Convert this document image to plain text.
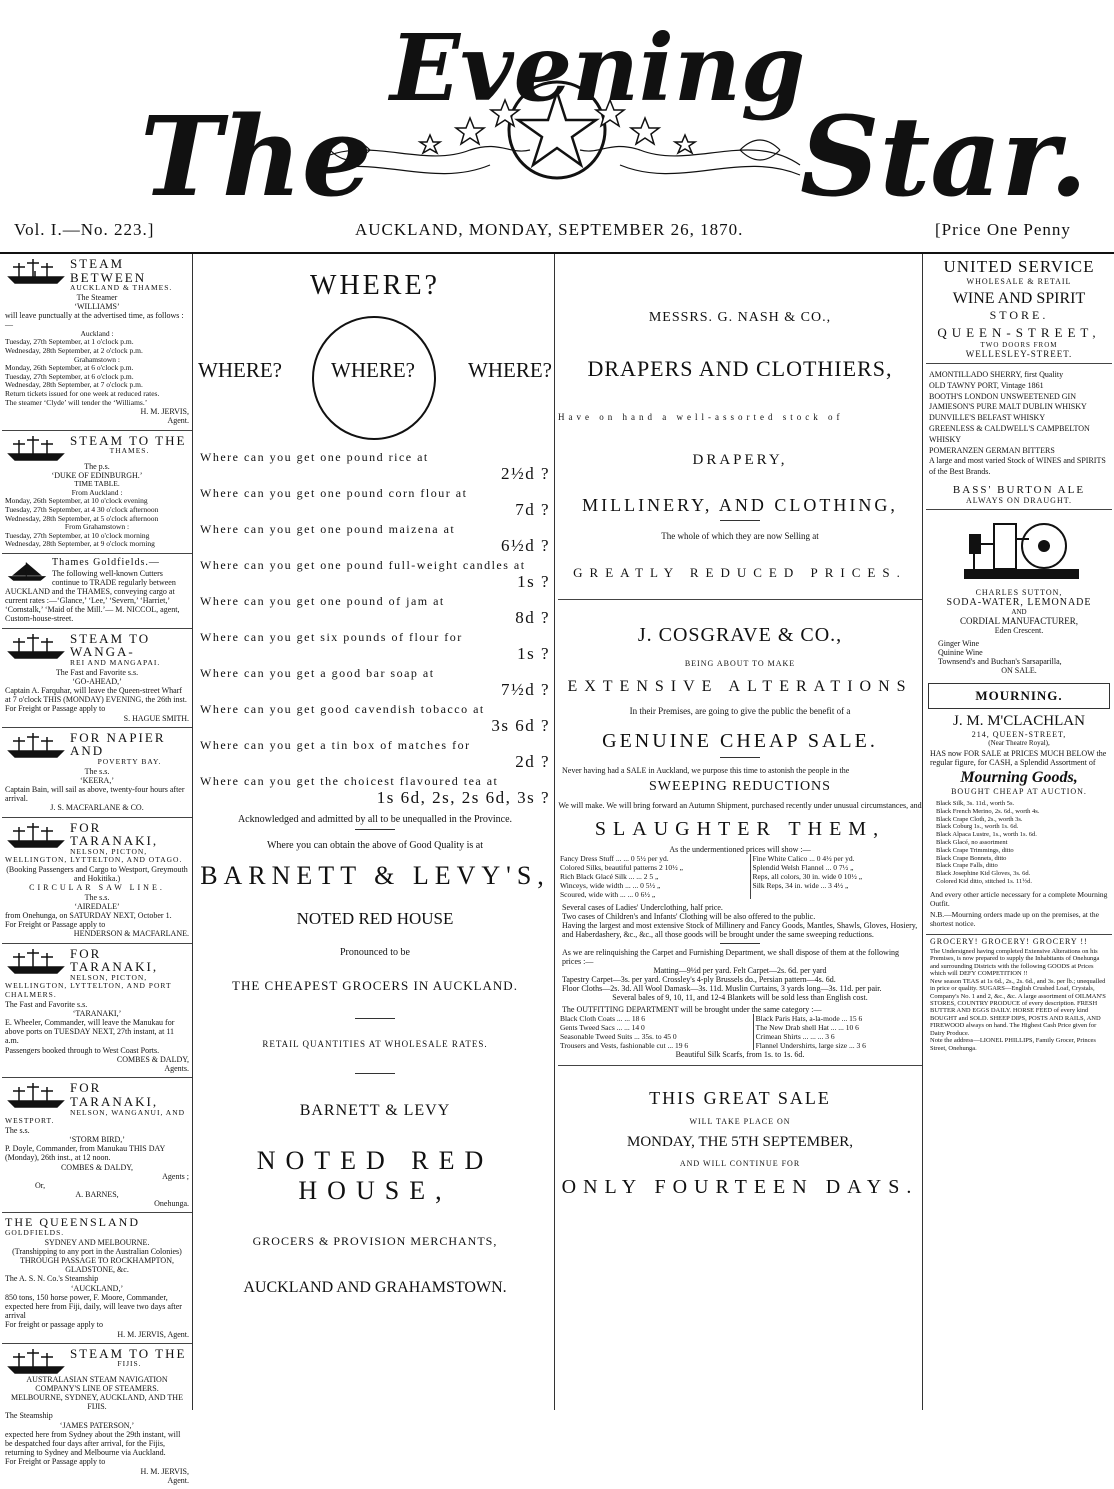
The
Evening
Star.
Vol. I.—No. 223.]	AUCKLAND, MONDAY, SEPTEMBER 26, 1870.	[Price One Penny
STEAM BETWEEN
AUCKLAND & THAMES.
The Steamer
‘WILLIAMS’
will leave punctually at the advertised time, as follows :—
Auckland :
Tuesday, 27th September, at 1 o'clock p.m.
Wednesday, 28th September, at 2 o'clock p.m.
Grahamstown :
Monday, 26th September, at 6 o'clock p.m.
Tuesday, 27th September, at 6 o'clock p.m.
Wednesday, 28th September, at 7 o'clock p.m.
Return tickets issued for one week at reduced rates.
The steamer ‘Clyde’ will tender the ‘Williams.’
H. M. JERVIS,
Agent.
STEAM TO THE
THAMES.
The p.s.
‘DUKE OF EDINBURGH.’
TIME TABLE.
From Auckland :
Monday, 26th September, at 10 o'clock evening
Tuesday, 27th September, at 4 30 o'clock afternoon
Wednesday, 28th September, at 5 o'clock afternoon
From Grahamstown :
Tuesday, 27th September, at 10 o'clock morning
Wednesday, 28th September, at 9 o'clock morning
Thames Goldfields.—
The following well-known Cutters continue to TRADE regularly between AUCKLAND and the THAMES, conveying cargo at current rates :—‘Glance,’ ‘Lee,’ ‘Severn,’ ‘Harriet,’ ‘Cornstalk,’ ‘Maid of the Mill.’— M. NICCOL, agent, Custom-house-street.
STEAM TO WANGA-
REI AND MANGAPAI.
The Fast and Favorite s.s.
‘GO-AHEAD,’
Captain A. Farquhar, will leave the Queen-street Wharf at 7 o'clock THIS (MONDAY) EVENING, the 26th inst.
For Freight or Passage apply to
S. HAGUE SMITH.
FOR NAPIER AND
POVERTY BAY.
The s.s.
‘KEERA,’
Captain Bain, will sail as above, twenty-four hours after arrival.
J. S. MACFARLANE & CO.
FOR TARANAKI,
NELSON, PICTON, WELLINGTON, LYTTELTON, AND OTAGO.
(Booking Passengers and Cargo to Westport, Greymouth and Hokitika.)
CIRCULAR SAW LINE.
The s.s.
‘AIREDALE’
from Onehunga, on SATURDAY NEXT, October 1.
For Freight or Passage apply to
HENDERSON & MACFARLANE.
FOR TARANAKI,
NELSON, PICTON, WELLINGTON, LYTTELTON, AND PORT CHALMERS.
The Fast and Favorite s.s.
‘TARANAKI,’
E. Wheeler, Commander, will leave the Manukau for above ports on TUESDAY NEXT, 27th instant, at 11 a.m.
Passengers booked through to West Coast Ports.
COMBES & DALDY,
Agents.
FOR TARANAKI,
NELSON, WANGANUI, AND WESTPORT.
The s.s.
‘STORM BIRD,’
P. Doyle, Commander, from Manukau THIS DAY (Monday), 26th inst., at 12 noon.
COMBES & DALDY,
Agents ;
Or,
A. BARNES,
Onehunga.
THE QUEENSLAND
GOLDFIELDS.
SYDNEY AND MELBOURNE.
(Transhipping to any port in the Australian Colonies)
THROUGH PASSAGE TO ROCKHAMPTON, GLADSTONE, &c.
The A. S. N. Co.'s Steamship
‘AUCKLAND,’
850 tons, 150 horse power, F. Moore, Commander, expected here from Fiji, daily, will leave two days after arrival
For freight or passage apply to
H. M. JERVIS, Agent.
STEAM TO THE
FIJIS.
AUSTRALASIAN STEAM NAVIGATION COMPANY'S LINE OF STEAMERS.
MELBOURNE, SYDNEY, AUCKLAND, AND THE FIJIS.
The Steamship
‘JAMES PATERSON,’
expected here from Sydney about the 29th instant, will be despatched four days after arrival, for the Fijis, returning to Sydney and Melbourne via Auckland.
For Freight or Passage apply to
H. M. JERVIS,
Agent.
WHERE?
WHERE? WHERE?	WHERE?
Where can you get one pound rice at
2½d ?
Where can you get one pound corn flour at
7d ?
Where can you get one pound maizena at
6½d ?
Where can you get one pound full-weight candles at
1s ?
Where can you get one pound of jam at
8d ?
Where can you get six pounds of flour for
1s ?
Where can you get a good bar soap at
7½d ?
Where can you get good cavendish tobacco at
3s 6d ?
Where can you get a tin box of matches for
2d ?
Where can you get the choicest flavoured tea at
1s 6d, 2s, 2s 6d, 3s ?
Acknowledged and admitted by all to be unequalled in the Province.
Where you can obtain the above of Good Quality is at
BARNETT & LEVY'S,
NOTED RED HOUSE
Pronounced to be
THE CHEAPEST GROCERS IN AUCKLAND.
RETAIL QUANTITIES AT WHOLESALE RATES.
BARNETT & LEVY
NOTED RED HOUSE,
GROCERS & PROVISION MERCHANTS,
AUCKLAND AND GRAHAMSTOWN.

MESSRS. G. NASH & CO.,

DRAPERS AND CLOTHIERS,

Have on hand a well-assorted stock of

DRAPERY,

MILLINERY, AND CLOTHING,

The whole of which they are now Selling at

GREATLY REDUCED PRICES.

J. COSGRAVE & CO.,

BEING ABOUT TO MAKE

EXTENSIVE ALTERATIONS

In their Premises, are going to give the public the benefit of a

GENUINE CHEAP SALE.

Never having had a SALE in Auckland, we purpose this time to astonish the people in the

SWEEPING REDUCTIONS

We will make. We will bring forward an Autumn Shipment, purchased recently under unusual circumstances, and

SLAUGHTER THEM,

As the undermentioned prices will show :—

Fancy Dress Stuff ... ... 0 5½ per yd.	Fine White Calico ... 0 4½ per yd.
Colored Silks, beautiful patterns 2 10½ „	Splendid Welsh Flannel ... 0 7½ „
Rich Black Glacé Silk ... ... 2 5 „	Reps, all colors, 30 in. wide 0 10½ „
Winceys, wide width ... ... 0 5½ „	Silk Reps, 34 in. wide ... 3 4½ „
Scoured, wide with ... ... 0 6½ „	

Several cases of Ladies' Underclothing, half price.

Two cases of Children's and Infants' Clothing will be also offered to the public.

Having the largest and most extensive Stock of Millinery and Fancy Goods, Mantles, Shawls, Gloves, Hosiery, and Haberdashery, &c., &c., all those goods will be brought under the same sweeping reductions.

As we are relinquishing the Carpet and Furnishing Department, we shall dispose of them at the following prices :—

Matting—9½d per yard. Felt Carpet—2s. 6d. per yard

Tapestry Carpet—3s. per yard. Crossley's 4-ply Brussels do., Persian pattern—4s. 6d.

Floor Cloths—2s. 3d. All Wool Damask—3s. 11d. Muslin Curtains, 3 yards long—3s. 11d. per pair.

Several bales of 9, 10, 11, and 12-4 Blankets will be sold less than English cost.

The OUTFITTING DEPARTMENT will be brought under the same category :—

Black Cloth Coats ... ... 18 6	Black Paris Hats, a-la-mode ... 15 6
Gents Tweed Sacs ... ... 14 0	The New Drab shell Hat ... ... 10 6
Seasonable Tweed Suits ... 35s. to 45 0	Crimean Shirts ... ... ... 3 6
Trousers and Vests, fashionable cut ... 19 6	Flannel Undershirts, large size ... 3 6

Beautiful Silk Scarfs, from 1s. to 1s. 6d.

THIS GREAT SALE

WILL TAKE PLACE ON

MONDAY, THE 5TH SEPTEMBER,

AND WILL CONTINUE FOR

ONLY FOURTEEN DAYS.

UNITED SERVICE

WHOLESALE & RETAIL

WINE AND SPIRIT

STORE.

QUEEN-STREET,

TWO DOORS FROM

WELLESLEY-STREET.

AMONTILLADO SHERRY, first Quality
OLD TAWNY PORT, Vintage 1861
BOOTH'S LONDON UNSWEETENED GIN
JAMIESON'S PURE MALT DUBLIN WHISKY
DUNVILLE'S BELFAST WHISKY
GREENLESS & CALDWELL'S CAMPBELTON WHISKY
POMERANZEN GERMAN BITTERS
A large and most varied Stock of WINES and SPIRITS of the Best Brands.

BASS' BURTON ALE

ALWAYS ON DRAUGHT.

CHARLES SUTTON,

SODA-WATER, LEMONADE

AND

CORDIAL MANUFACTURER,

Eden Crescent.

Ginger Wine

Quinine Wine

Townsend's and Buchan's Sarsaparilla,

ON SALE.

MOURNING.

J. M. M'CLACHLAN

214, QUEEN-STREET,

(Near Theatre Royal),

HAS now FOR SALE at PRICES MUCH BELOW the regular figure, for CASH, a Splendid Assortment of

Mourning Goods,

BOUGHT CHEAP AT AUCTION.

Black Silk, 3s. 11d., worth 5s.
Black French Merino, 2s. 6d., worth 4s.
Black Crape Cloth, 2s., worth 3s.
Black Coburg 1s., worth 1s. 6d.
Black Alpaca Lustre, 1s., worth 1s. 6d.
Black Glacé, no assortment
Black Crape Trimmings, ditto
Black Crape Bonnets, ditto
Black Crape Falls, ditto
Black Josephine Kid Gloves, 3s. 6d.
Colored Kid ditto, stitched 1s. 11½d.

And every other article necessary for a complete Mourning Outfit.

N.B.—Mourning orders made up on the premises, at the shortest notice.

GROCERY! GROCERY! GROCERY !!

The Undersigned having completed Extensive Alterations on his Premises, is now prepared to supply the Inhabitants of Onehunga and surrounding Districts with the following GOODS at Prices which will DEFY COMPETITION !!

New season TEAS at 1s 6d., 2s., 2s. 6d., and 3s. per lb.; unequalled in price or quality. SUGARS—English Crushed Loaf, Crystals, Company's No. 1 and 2, &c., &c. A large assortment of OILMAN'S STORES, COUNTRY PRODUCE of every description. FRESH BUTTER AND EGGS DAILY. HORSE FEED of every kind BOUGHT and SOLD. SHEEP DIPS, POSTS AND RAILS, AND FIREWOOD always on hand. The Highest Cash Price given for Dairy Produce.

Note the address—LIONEL PHILLIPS, Family Grocer, Princes Street, Onehunga.
